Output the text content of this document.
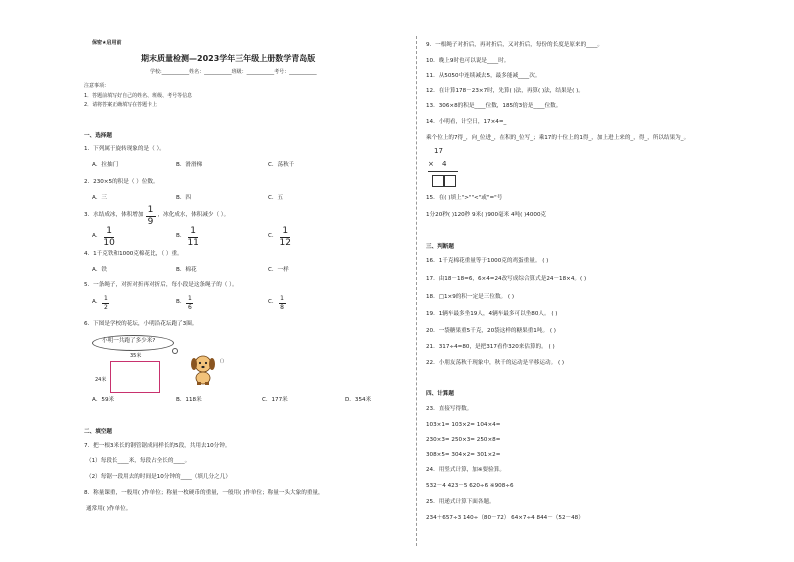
保密★启用前
期末质量检测—2023学年三年级上册数学青岛版
学校:___________姓名：___________班级：___________考号：___________
注意事项：
1．答题前填写好自己的姓名、班级、考号等信息
2．请将答案正确填写在答题卡上
一、选择题
1．下列属于旋转现象的是（ ）。
A．拉抽门	B．滑滑梯	C．荡秋千
2．230×5的积是（ ）位数。
A．三	B．四	C．五
3．水结成冰，体积增加
1
9
，冰化成水，体积减少（ ）。
A．
1
10
B．
1
11
C．
1
12
4．1千克铁和1000克棉花比，（ ）重。
A．铁	B．棉花	C．一样
5．一条绳子，对折对折再对折后，每小段是这条绳子的（ ）。
A． $\frac{1}{2}$	B． $\frac{1}{6}$	C． $\frac{1}{8}$
6．下图是学校的花坛，小明沿花坛跑了3圈。
小明一共跑了多少米?
35米
24米
（）
A．59米	B．118米	C．177米	D．354米
二、填空题
7．把一根3米长的钢管锯成同样长的5段，共用去10分钟。
（1）每段长____米，每段占全长的____。
（2）每锯一段用去的时间是10分钟的____（填几分之几）
8．称量课重，一般用( )作单位；称量一枚硬币的重量，一般用( )作单位；称量一头大象的重量，
通常用( )作单位。
9．一根绳子对折后，再对折后，又对折后，每份的长度是原来的____。
10．晚上9时也可以说是____时。
11．从5050中连续减去5，最多能减____次。
12．在计算178－23×7时，先算( )法，再算( )法，结果是( )。
13．306×8的积是____位数，185的3倍是____位数。
14．小明看，计空日，17×4=_
乘个位上的7得_，向_位进_，在积的_位写_；乘17的十位上的1得_，加上进上来的_，得_，所以结果为_。
17
× 4
15．在( )填上">""<"或"="号
1分20秒( )120秒 9米( )900毫米 4吨( )4000克
三、判断题
16．1千克棉花重量等于1000克的鸡蛋重量。 ( )
17．由18－18=6，6×4=24改写成综合算式是24－18×4。( )
18．□1×9的积一定是三位数。 ( )
19．1辆车最多坐19人，4辆车最多可以坐80人。 ( )
20．一袋糖果重5千克，20袋这样的糖果重1吨。 ( )
21．317÷4=80，是把317看作320来估算的。 ( )
22．小朋友荡秋千现象中，秋千的运动是平移运动。 ( )
四、计算题
23．直接写得数。
103×1= 103×2= 104×4=
230×3= 250×3= 250×8=
308×5= 304×2= 301×2=
24．用竖式计算，加※要验算。
532－4 423－5 620÷6 ※908÷6
25．用递式计算下面各题。
234＋657÷3 140÷（80－72） 64×7÷4 844－（52－48）
